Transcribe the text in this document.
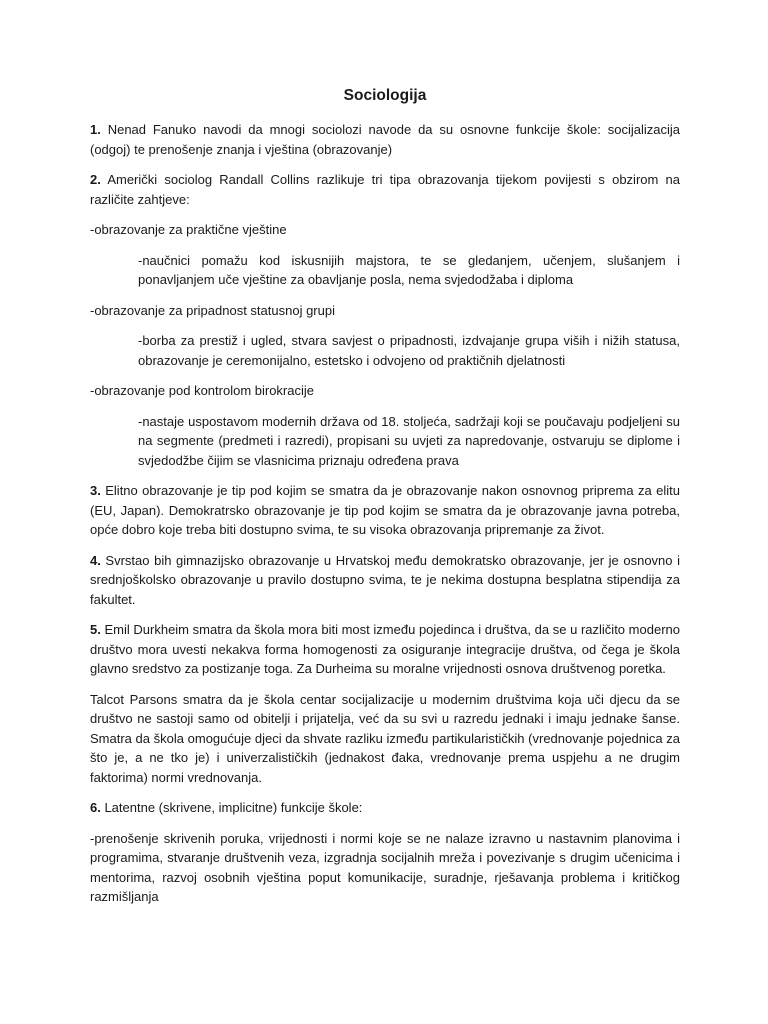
Sociologija

1. Nenad Fanuko navodi da mnogi sociolozi navode da su osnovne funkcije škole: socijalizacija (odgoj) te prenošenje znanja i vještina (obrazovanje)

2. Američki sociolog Randall Collins razlikuje tri tipa obrazovanja tijekom povijesti s obzirom na različite zahtjeve:

-obrazovanje za praktične vještine

-naučnici pomažu kod iskusnijih majstora, te se gledanjem, učenjem, slušanjem i ponavljanjem uče vještine za obavljanje posla, nema svjedodžaba i diploma

-obrazovanje za pripadnost statusnoj grupi

-borba za prestiž i ugled, stvara savjest o pripadnosti, izdvajanje grupa viših i nižih statusa, obrazovanje je ceremonijalno, estetsko i odvojeno od praktičnih djelatnosti

-obrazovanje pod kontrolom birokracije

-nastaje uspostavom modernih država od 18. stoljeća, sadržaji koji se poučavaju podjeljeni su na segmente (predmeti i razredi), propisani su uvjeti za napredovanje, ostvaruju se diplome i svjedodžbe čijim se vlasnicima priznaju određena prava

3. Elitno obrazovanje je tip pod kojim se smatra da je obrazovanje nakon osnovnog priprema za elitu (EU, Japan). Demokratrsko obrazovanje je tip pod kojim se smatra da je obrazovanje javna potreba, opće dobro koje treba biti dostupno svima, te su visoka obrazovanja pripremanje za život.

4. Svrstao bih gimnazijsko obrazovanje u Hrvatskoj među demokratsko obrazovanje, jer je osnovno i srednjoškolsko obrazovanje u pravilo dostupno svima, te je nekima dostupna besplatna stipendija za fakultet.

5. Emil Durkheim smatra da škola mora biti most između pojedinca i društva, da se u različito moderno društvo mora uvesti nekakva forma homogenosti za osiguranje integracije društva, od čega je škola glavno sredstvo za postizanje toga. Za Durheima su moralne vrijednosti osnova društvenog poretka.

Talcot Parsons smatra da je škola centar socijalizacije u modernim društvima koja uči djecu da se društvo ne sastoji samo od obitelji i prijatelja, već da su svi u razredu jednaki i imaju jednake šanse. Smatra da škola omogućuje djeci da shvate razliku između partikularističkih (vrednovanje pojednica za što je, a ne tko je) i univerzalističkih (jednakost đaka, vrednovanje prema uspjehu a ne drugim faktorima) normi vrednovanja.

6. Latentne (skrivene, implicitne) funkcije škole:

-prenošenje skrivenih poruka, vrijednosti i normi koje se ne nalaze izravno u nastavnim planovima i programima, stvaranje društvenih veza, izgradnja socijalnih mreža i povezivanje s drugim učenicima i mentorima, razvoj osobnih vještina poput komunikacije, suradnje, rješavanja problema i kritičkog razmišljanja
